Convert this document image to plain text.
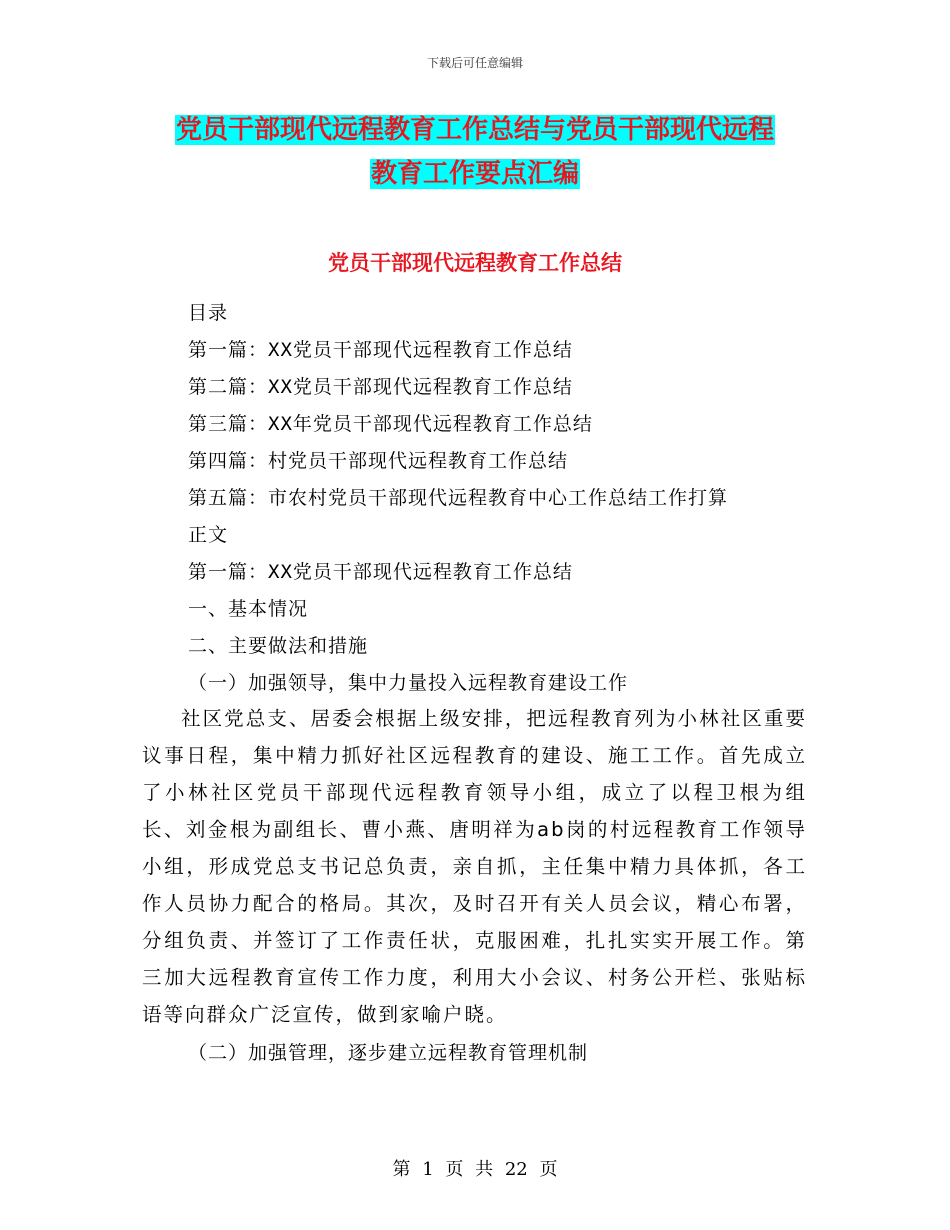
下载后可任意编辑
党员干部现代远程教育工作总结与党员干部现代远程
教育工作要点汇编
党员干部现代远程教育工作总结
目录
第一篇：XX党员干部现代远程教育工作总结
第二篇：XX党员干部现代远程教育工作总结
第三篇：XX年党员干部现代远程教育工作总结
第四篇：村党员干部现代远程教育工作总结
第五篇：市农村党员干部现代远程教育中心工作总结工作打算
正文
第一篇：XX党员干部现代远程教育工作总结
一、基本情况
二、主要做法和措施
（一）加强领导，集中力量投入远程教育建设工作
社区党总支、居委会根据上级安排，把远程教育列为小林社区重要议事日程，集中精力抓好社区远程教育的建设、施工工作。首先成立了小林社区党员干部现代远程教育领导小组，成立了以程卫根为组长、刘金根为副组长、曹小燕、唐明祥为ab岗的村远程教育工作领导小组，形成党总支书记总负责，亲自抓，主任集中精力具体抓，各工作人员协力配合的格局。其次，及时召开有关人员会议，精心布署，分组负责、并签订了工作责任状，克服困难，扎扎实实开展工作。第三加大远程教育宣传工作力度，利用大小会议、村务公开栏、张贴标语等向群众广泛宣传，做到家喻户晓。
（二）加强管理，逐步建立远程教育管理机制
第 1 页 共 22 页
